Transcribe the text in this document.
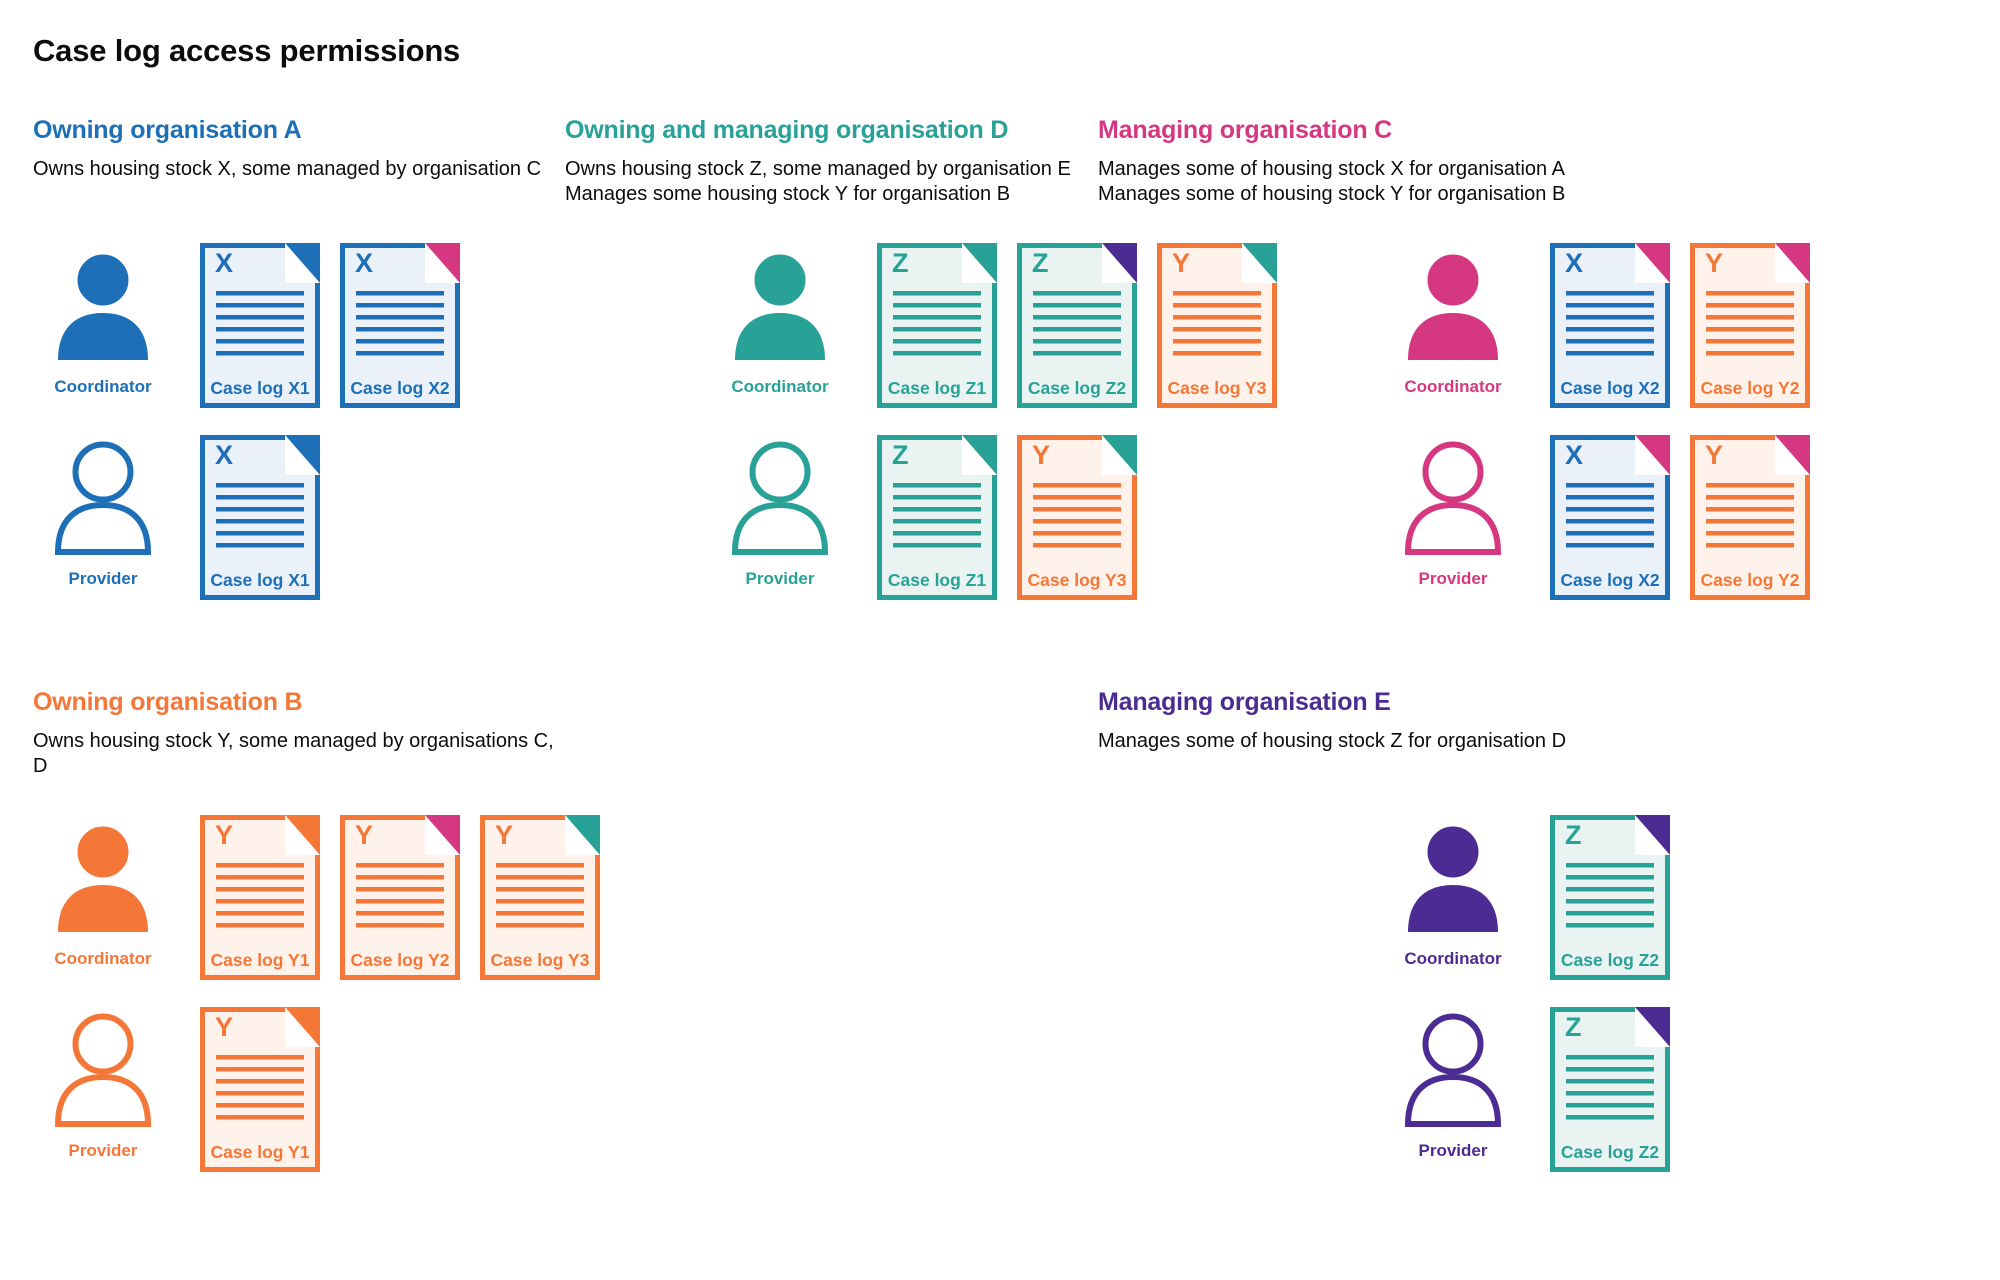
Case log access permissions
Owning organisation A

Owns housing stock X, some managed by organisation C

Coordinator
X
Case log X1
X
Case log X2
Provider
X
Case log X1
Owning and managing organisation D

Owns housing stock Z, some managed by organisation E

Manages some housing stock Y for organisation B

Coordinator
Z
Case log Z1
Z
Case log Z2
Y
Case log Y3
Provider
Z
Case log Z1
Y
Case log Y3
Managing organisation C

Manages some of housing stock X for organisation A

Manages some of housing stock Y for organisation B

Coordinator
X
Case log X2
Y
Case log Y2
Provider
X
Case log X2
Y
Case log Y2
Owning organisation B

Owns housing stock Y, some managed by organisations C, D

Coordinator
Y
Case log Y1
Y
Case log Y2
Y
Case log Y3
Provider
Y
Case log Y1
Managing organisation E

Manages some of housing stock Z for organisation D

Coordinator
Z
Case log Z2
Provider
Z
Case log Z2
